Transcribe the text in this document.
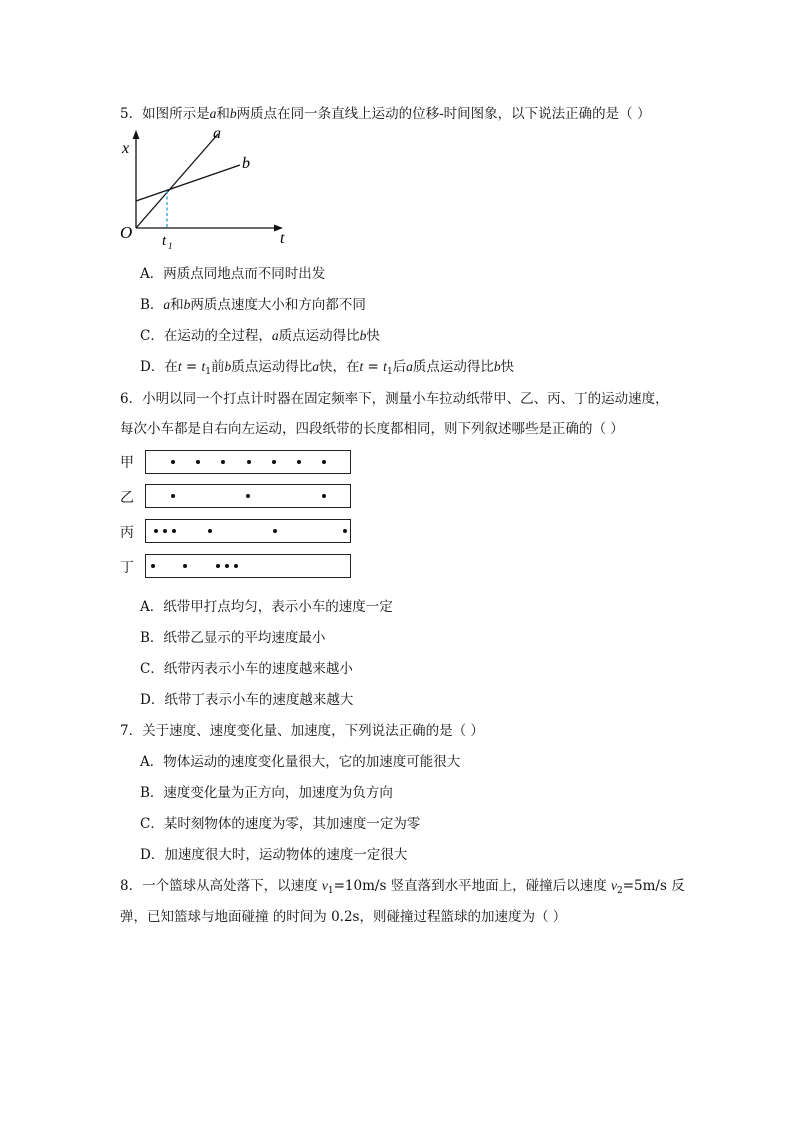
5．如图所示是a和b两质点在同一条直线上运动的位移-时间图象，以下说法正确的是（ ）
x
t
O t 1
a
b
A．两质点同地点而不同时出发
B．a和b两质点速度大小和方向都不同
C．在运动的全过程，a质点运动得比b快
D．在$t = t_1$前b质点运动得比a快，在$t = t_1$后a质点运动得比b快
6．小明以同一个打点计时器在固定频率下，测量小车拉动纸带甲、乙、丙、丁的运动速度，
每次小车都是自右向左运动，四段纸带的长度都相同，则下列叙述哪些是正确的（ ）
甲
乙
丙
丁
A．纸带甲打点均匀，表示小车的速度一定
B．纸带乙显示的平均速度最小
C．纸带丙表示小车的速度越来越小
D．纸带丁表示小车的速度越来越大
7．关于速度、速度变化量、加速度，下列说法正确的是（ ）
A．物体运动的速度变化量很大，它的加速度可能很大
B．速度变化量为正方向，加速度为负方向
C．某时刻物体的速度为零，其加速度一定为零
D．加速度很大时，运动物体的速度一定很大
8．一个篮球从高处落下，以速度 $v_1=10m/s$ 竖直落到水平地面上，碰撞后以速度 $v_2=5m/s$ 反
弹，已知篮球与地面碰撞 的时间为 0.2s，则碰撞过程篮球的加速度为（ ）
